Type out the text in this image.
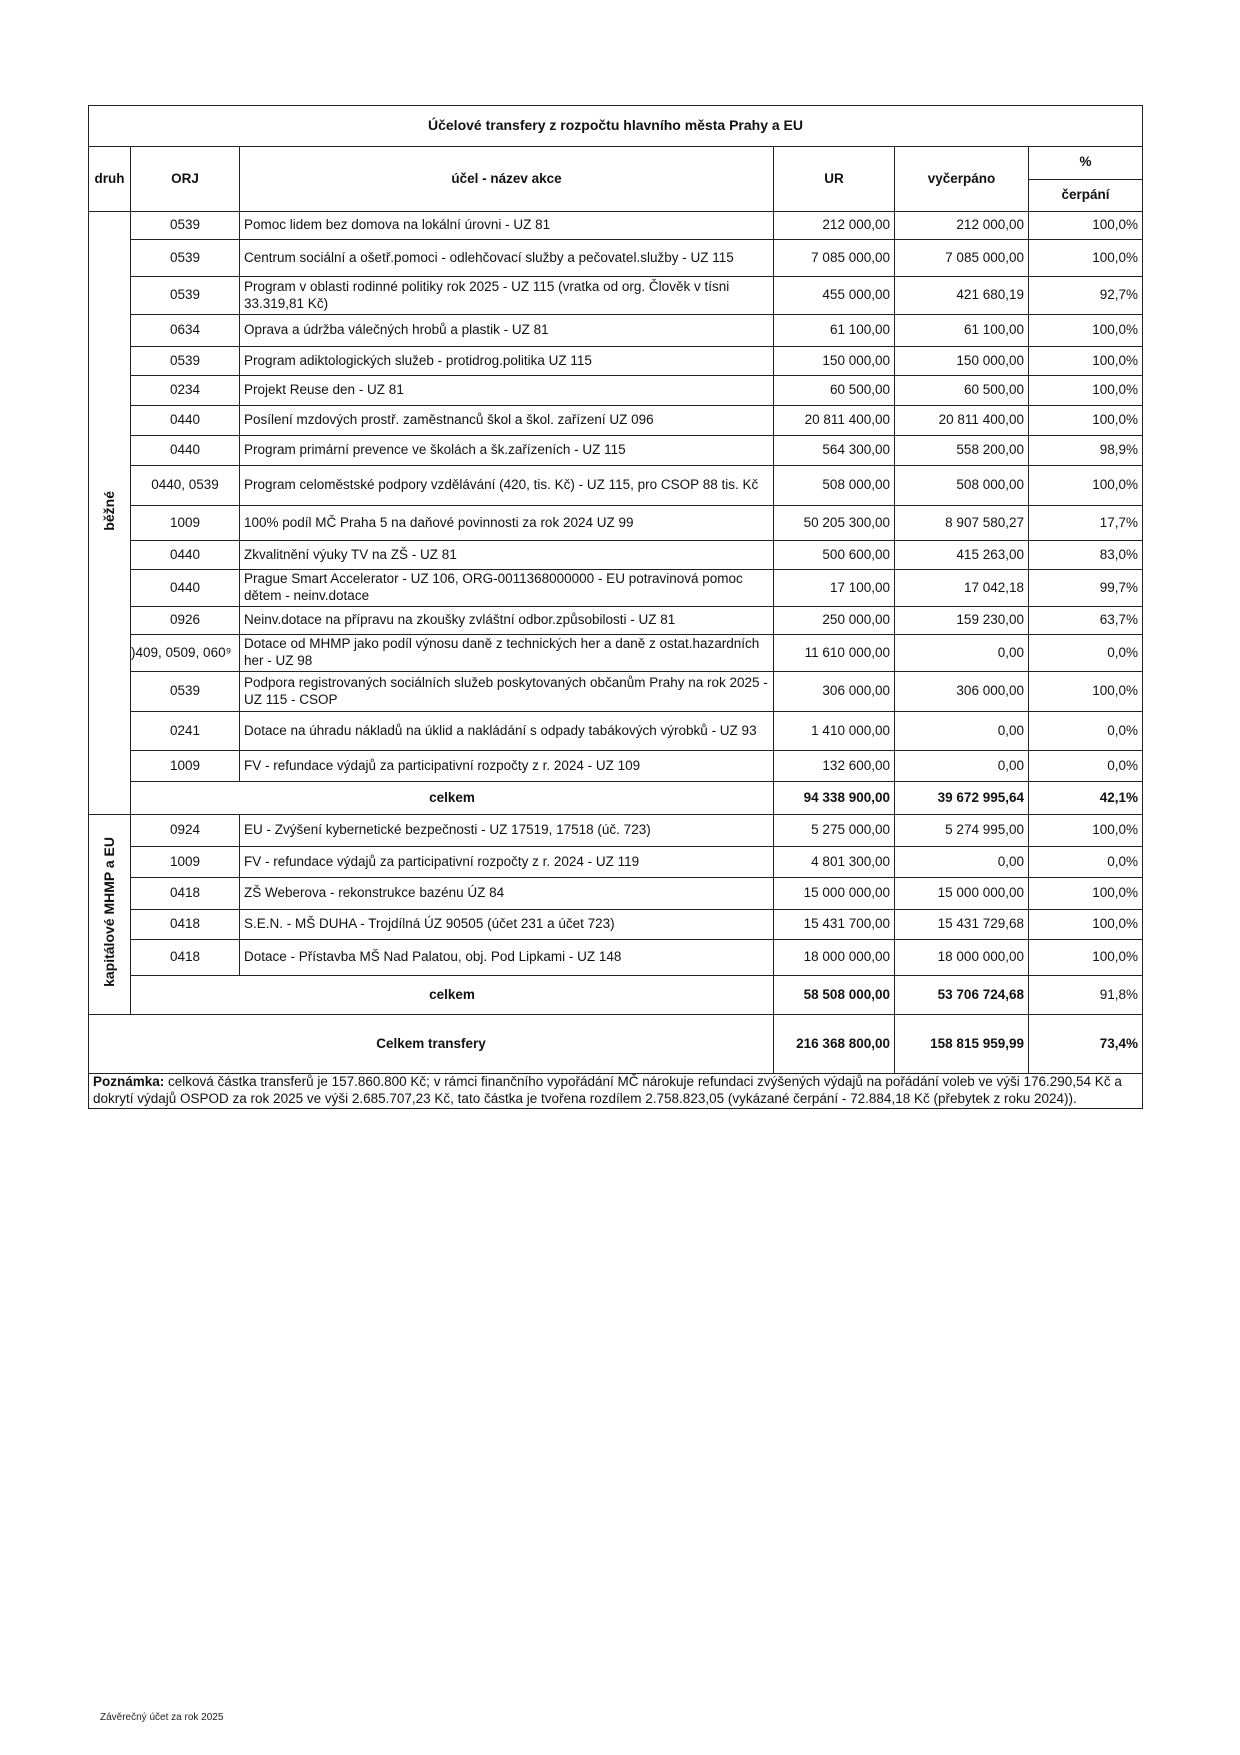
Účelové transfery z rozpočtu hlavního města Prahy a EU					
druh	ORJ	účel - název akce	UR	vyčerpáno	%
					čerpání
běžné	0539	Pomoc lidem bez domova na lokální úrovni - UZ 81	212 000,00	212 000,00	100,0%
	0539	Centrum sociální a ošetř.pomoci - odlehčovací služby a pečovatel.služby - UZ 115	7 085 000,00	7 085 000,00	100,0%
	0539	Program v oblasti rodinné politiky rok 2025 - UZ 115 (vratka od org. Člověk v tísni 33.319,81 Kč)	455 000,00	421 680,19	92,7%
	0634	Oprava a údržba válečných hrobů a plastik - UZ 81	61 100,00	61 100,00	100,0%
	0539	Program adiktologických služeb - protidrog.politika UZ 115	150 000,00	150 000,00	100,0%
	0234	Projekt Reuse den - UZ 81	60 500,00	60 500,00	100,0%
	0440	Posílení mzdových prostř. zaměstnanců škol a škol. zařízení UZ 096	20 811 400,00	20 811 400,00	100,0%
	0440	Program primární prevence ve školách a šk.zařízeních - UZ 115	564 300,00	558 200,00	98,9%
	0440, 0539	Program celoměstské podpory vzdělávání (420, tis. Kč) - UZ 115, pro CSOP 88 tis. Kč	508 000,00	508 000,00	100,0%
	1009	100% podíl MČ Praha 5 na daňové povinnosti za rok 2024 UZ 99	50 205 300,00	8 907 580,27	17,7%
	0440	Zkvalitnění výuky TV na ZŠ - UZ 81	500 600,00	415 263,00	83,0%
	0440	Prague Smart Accelerator - UZ 106, ORG-0011368000000 - EU potravinová pomoc dětem - neinv.dotace	17 100,00	17 042,18	99,7%
	0926	Neinv.dotace na přípravu na zkoušky zvláštní odbor.způsobilosti - UZ 81	250 000,00	159 230,00	63,7%
	)409, 0509, 060⁹	Dotace od MHMP jako podíl výnosu daně z technických her a daně z ostat.hazardních her - UZ 98	11 610 000,00	0,00	0,0%
	0539	Podpora registrovaných sociálních služeb poskytovaných občanům Prahy na rok 2025 - UZ 115 - CSOP	306 000,00	306 000,00	100,0%
	0241	Dotace na úhradu nákladů na úklid a nakládání s odpady tabákových výrobků - UZ 93	1 410 000,00	0,00	0,0%
	1009	FV - refundace výdajů za participativní rozpočty z r. 2024 - UZ 109	132 600,00	0,00	0,0%
	celkem		94 338 900,00	39 672 995,64	42,1%
kapitálové MHMP a EU	0924	EU - Zvýšení kybernetické bezpečnosti - UZ 17519, 17518 (úč. 723)	5 275 000,00	5 274 995,00	100,0%
	1009	FV - refundace výdajů za participativní rozpočty z r. 2024 - UZ 119	4 801 300,00	0,00	0,0%
	0418	ZŠ Weberova - rekonstrukce bazénu ÚZ 84	15 000 000,00	15 000 000,00	100,0%
	0418	S.E.N. - MŠ DUHA - Trojdílná ÚZ 90505 (účet 231 a účet 723)	15 431 700,00	15 431 729,68	100,0%
	0418	Dotace - Přístavba MŠ Nad Palatou, obj. Pod Lipkami - UZ 148	18 000 000,00	18 000 000,00	100,0%
	celkem		58 508 000,00	53 706 724,68	91,8%
Celkem transfery			216 368 800,00	158 815 959,99	73,4%
Poznámka: celková částka transferů je 157.860.800 Kč; v rámci finančního vypořádání MČ nárokuje refundaci zvýšených výdajů na pořádání voleb ve výši 176.290,54 Kč a dokrytí výdajů OSPOD za rok 2025 ve výši 2.685.707,23 Kč, tato částka je tvořena rozdílem 2.758.823,05 (vykázané čerpání - 72.884,18 Kč (přebytek z roku 2024)).					
Závěrečný účet za rok 2025
